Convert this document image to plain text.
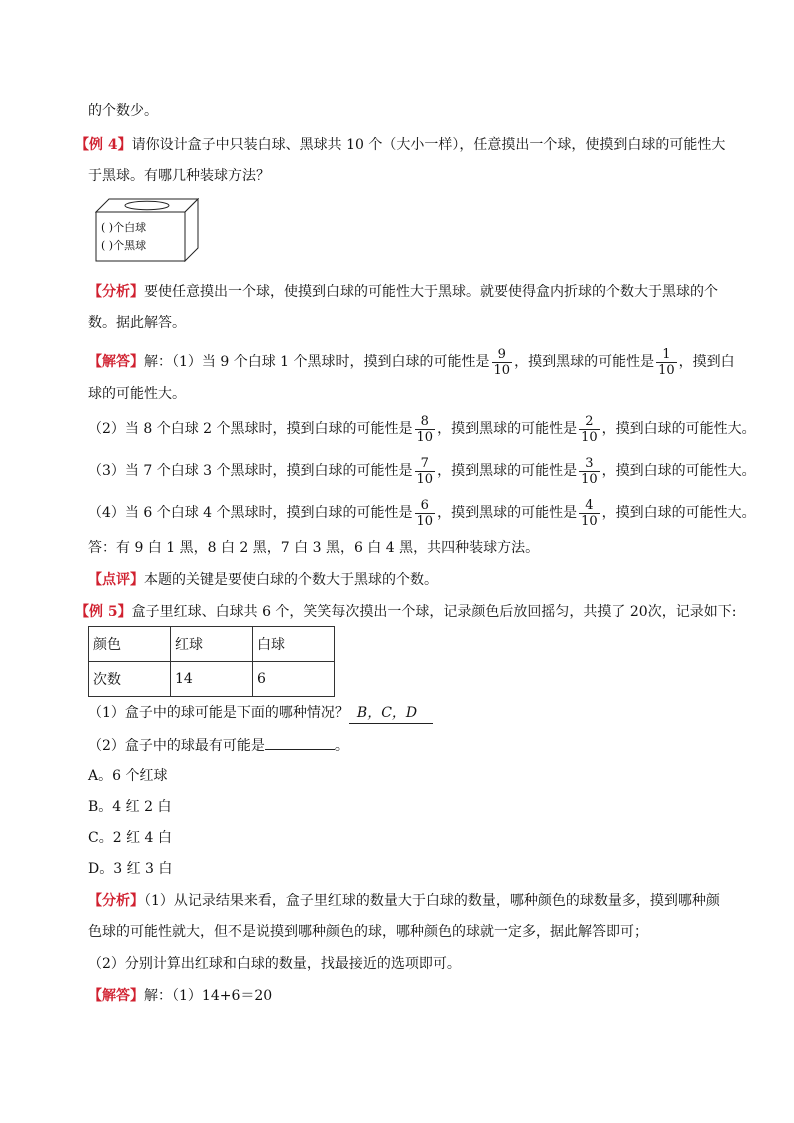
的个数少。
【例 4】请你设计盒子中只装白球、黑球共 10 个（大小一样），任意摸出一个球，使摸到白球的可能性大
于黑球。有哪几种装球方法？
( )个白球
( )个黑球
【分析】要使任意摸出一个球，使摸到白球的可能性大于黑球。就要使得盒内折球的个数大于黑球的个
数。据此解答。
【解答】解：（1）当 9 个白球 1 个黑球时，摸到白球的可能性是 $\frac{9}{10}$ ，摸到黑球的可能性是 $\frac{1}{10}$ ，摸到白
球的可能性大。
（2）当 8 个白球 2 个黑球时，摸到白球的可能性是 $\frac{8}{10}$ ，摸到黑球的可能性是 $\frac{2}{10}$ ，摸到白球的可能性大。
（3）当 7 个白球 3 个黑球时，摸到白球的可能性是 $\frac{7}{10}$ ，摸到黑球的可能性是 $\frac{3}{10}$ ，摸到白球的可能性大。
（4）当 6 个白球 4 个黑球时，摸到白球的可能性是 $\frac{6}{10}$ ，摸到黑球的可能性是 $\frac{4}{10}$ ，摸到白球的可能性大。
答：有 9 白 1 黑，8 白 2 黑，7 白 3 黑，6 白 4 黑，共四种装球方法。
【点评】本题的关键是要使白球的个数大于黑球的个数。
【例 5】盒子里红球、白球共 6 个，笑笑每次摸出一个球，记录颜色后放回摇匀，共摸了 20次，记录如下:
颜色	红球	白球
次数	14	6
（1）盒子中的球可能是下面的哪种情况？ B，C，D
（2）盒子中的球最有可能是	。
A。6 个红球
B。4 红 2 白
C。2 红 4 白
D。3 红 3 白
【分析】（1）从记录结果来看，盒子里红球的数量大于白球的数量，哪种颜色的球数量多，摸到哪种颜
色球的可能性就大，但不是说摸到哪种颜色的球，哪种颜色的球就一定多，据此解答即可；
（2）分别计算出红球和白球的数量，找最接近的选项即可。
【解答】解：（1）14+6＝20
